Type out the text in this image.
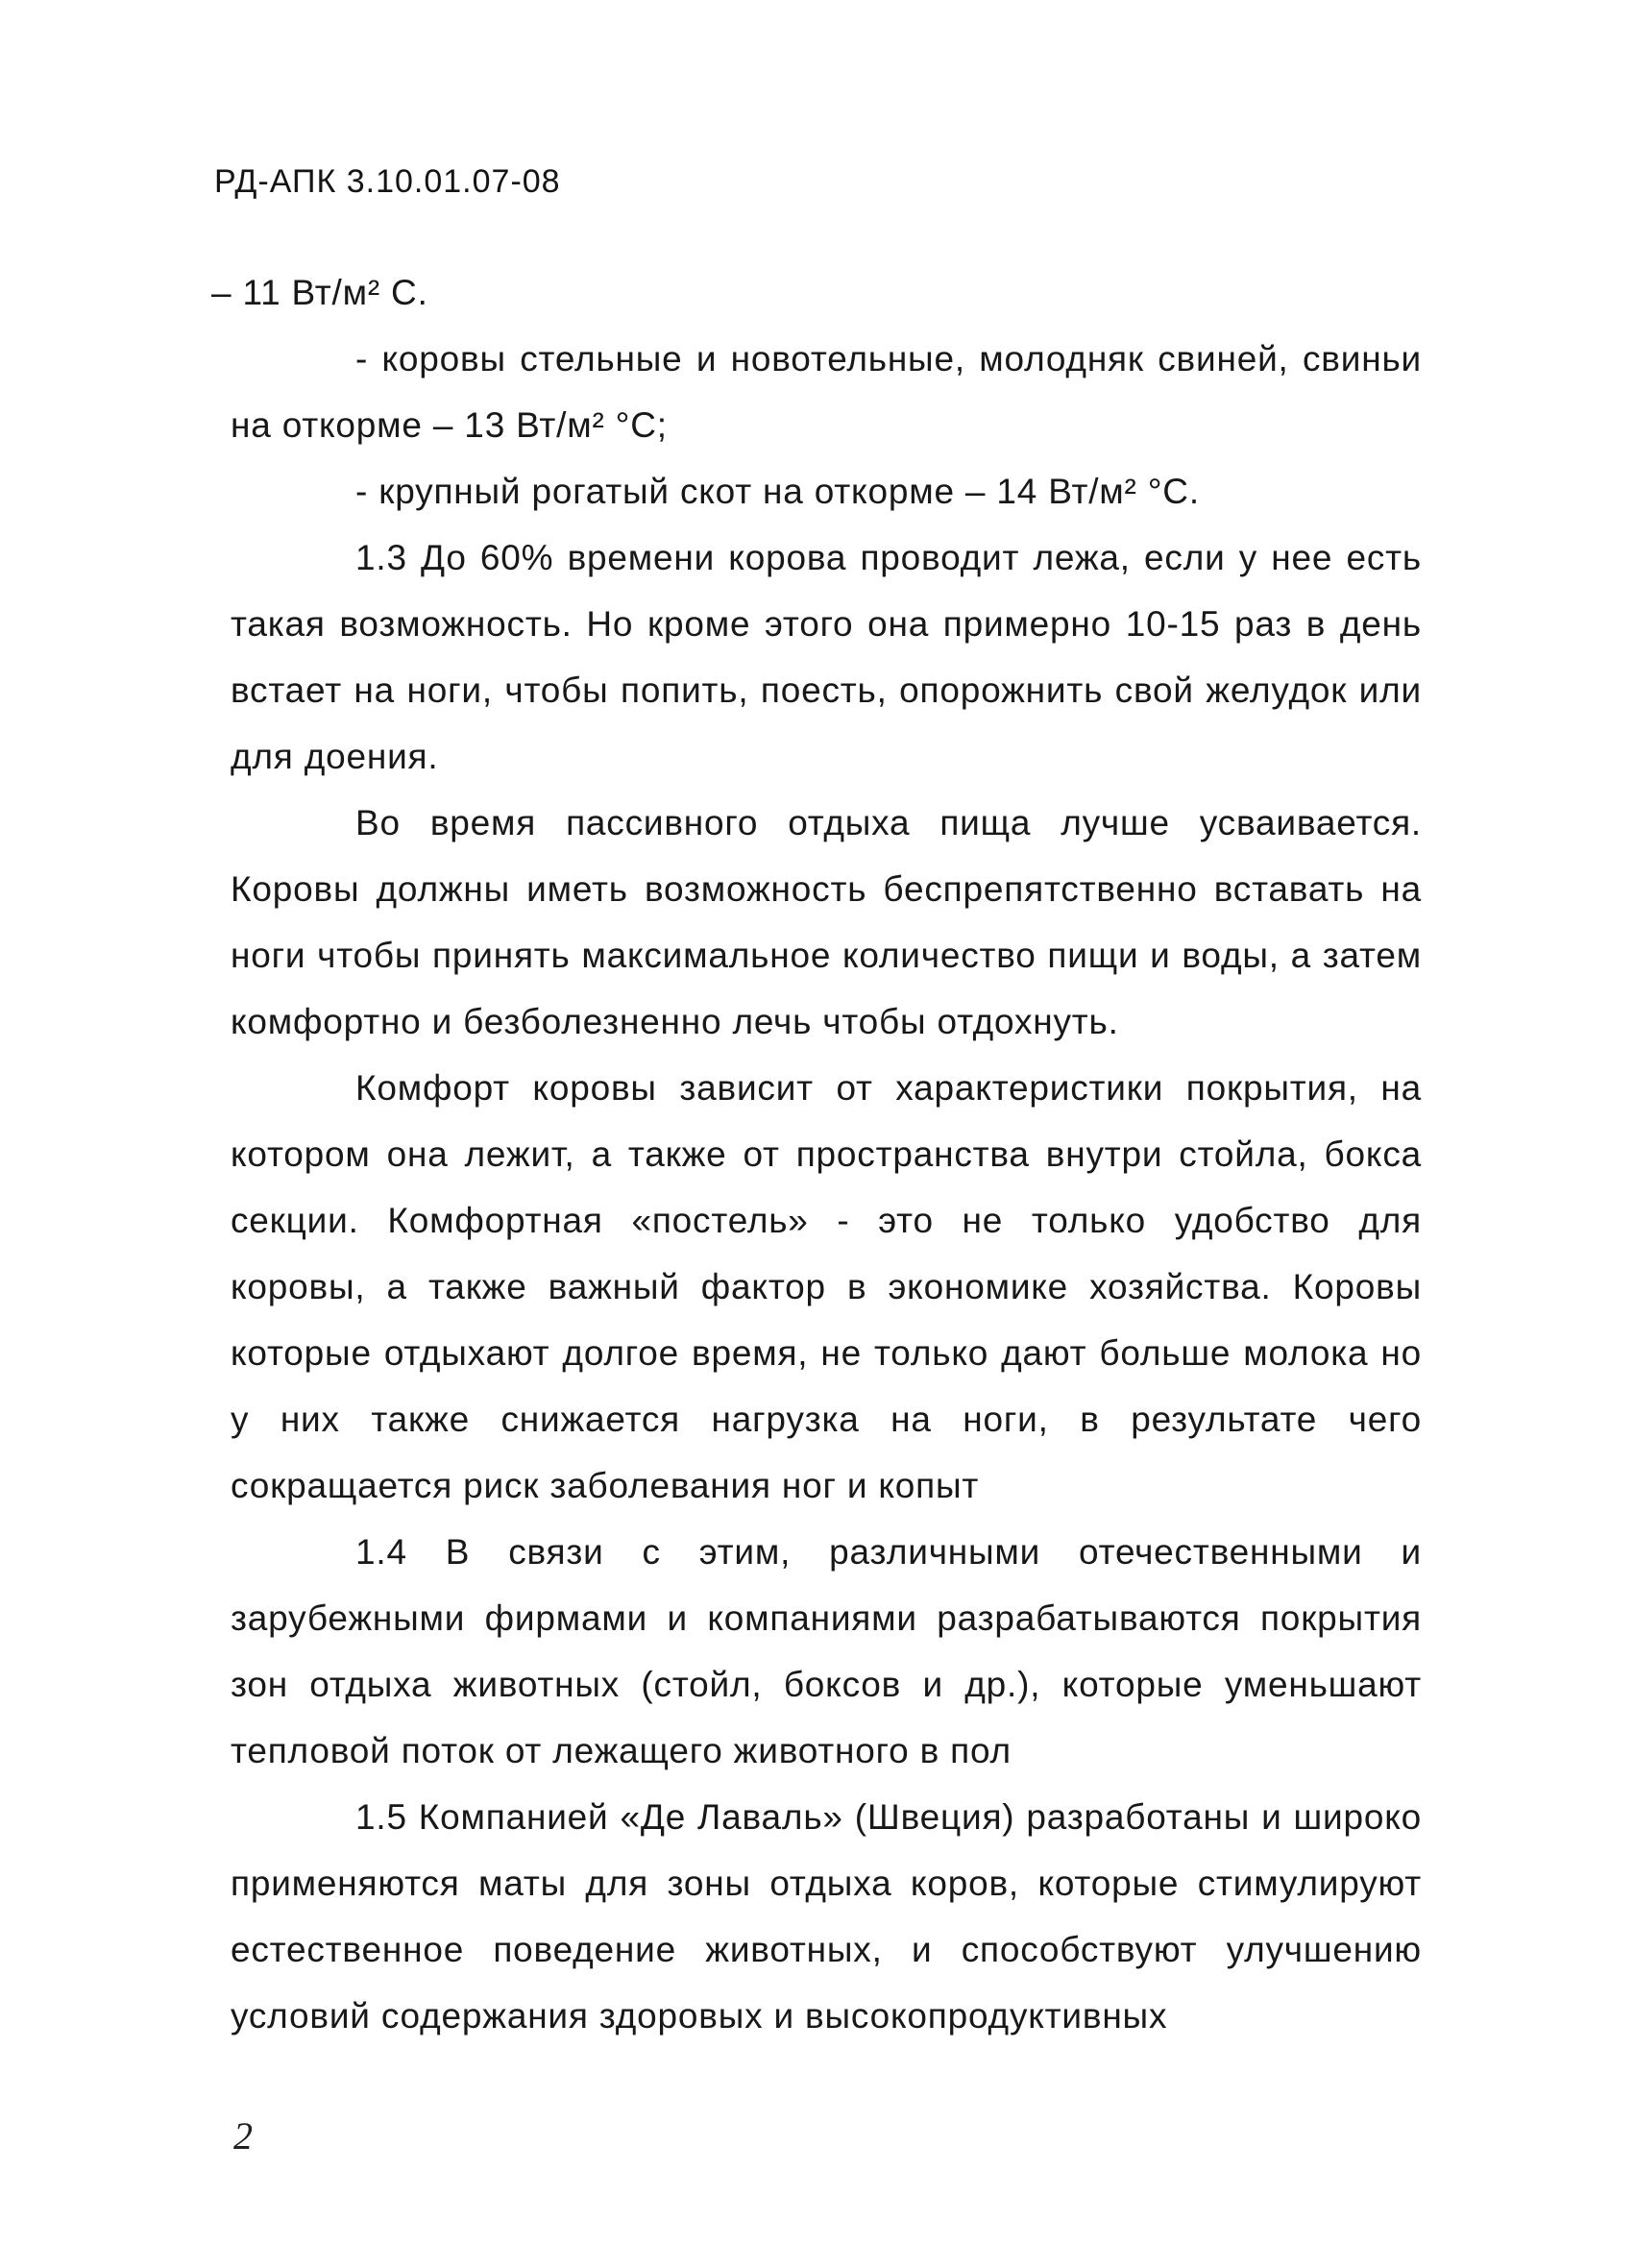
РД-АПК 3.10.01.07-08

– 11 Вт/м² С.

- коровы стельные и новотельные, молодняк свиней, свиньи на откорме – 13 Вт/м² °С;

- крупный рогатый скот на откорме – 14 Вт/м² °С.

1.3 До 60% времени корова проводит лежа, если у нее есть такая возможность. Но кроме этого она примерно 10-15 раз в день встает на ноги, чтобы попить, поесть, опорожнить свой желудок или для доения.

Во время пассивного отдыха пища лучше усваивается. Коровы должны иметь возможность беспрепятственно вставать на ноги чтобы принять максимальное количество пищи и воды, а затем комфортно и безболезненно лечь чтобы отдохнуть.

Комфорт коровы зависит от характеристики покрытия, на котором она лежит, а также от пространства внутри стойла, бокса секции. Комфортная «постель» - это не только удобство для коровы, а также важный фактор в экономике хозяйства. Коровы которые отдыхают долгое время, не только дают больше молока но у них также снижается нагрузка на ноги, в результате чего сокращается риск заболевания ног и копыт

1.4 В связи с этим, различными отечественными и зарубежными фирмами и компаниями разрабатываются покрытия зон отдыха животных (стойл, боксов и др.), которые уменьшают тепловой поток от лежащего животного в пол

1.5 Компанией «Де Лаваль» (Швеция) разработаны и широко применяются маты для зоны отдыха коров, которые стимулируют естественное поведение животных, и способствуют улучшению условий содержания здоровых и высокопродуктивных

2
